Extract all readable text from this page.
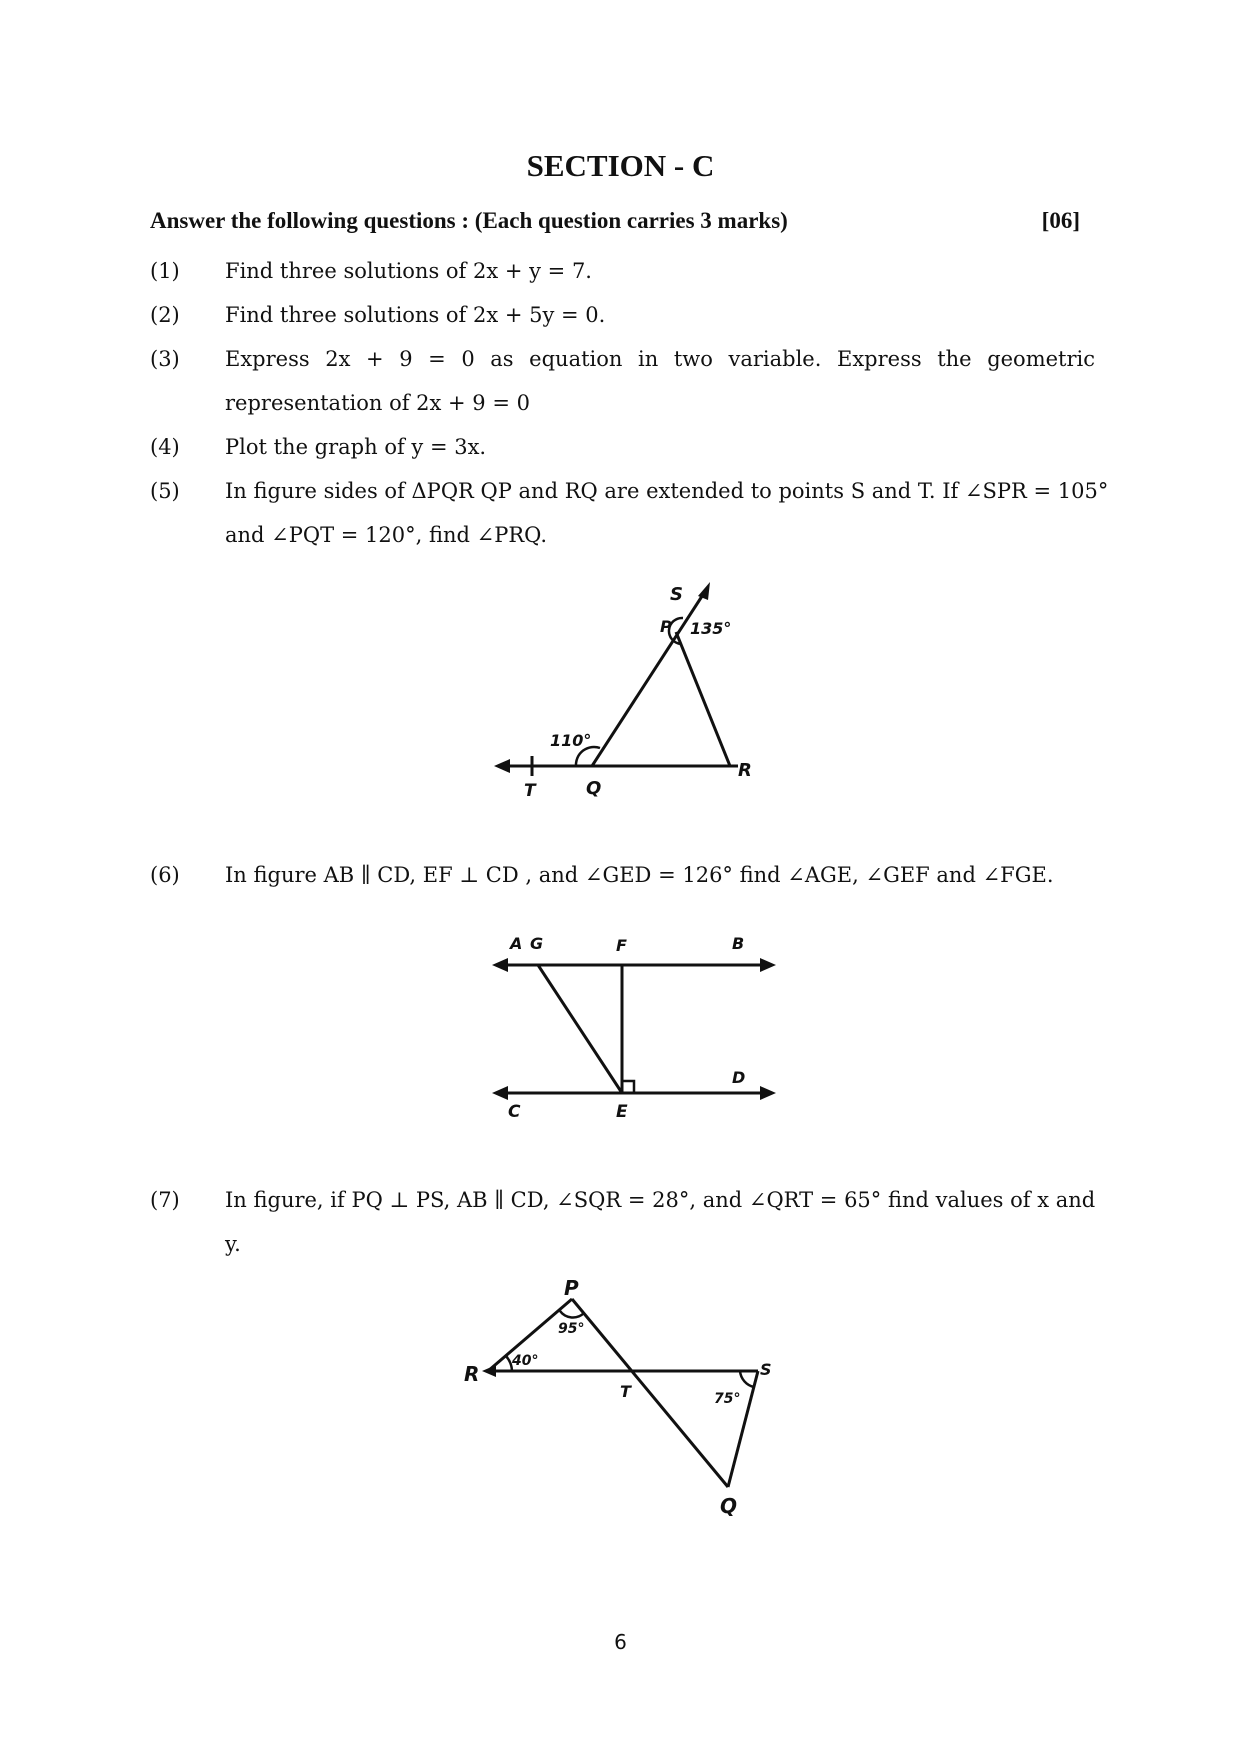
SECTION - C
Answer the following questions : (Each question carries 3 marks)	[06]
(1)	Find three solutions of 2x + y = 7.
(2)	Find three solutions of 2x + 5y = 0.
(3)	Express 2x + 9 = 0 as equation in two variable. Express the geometric
representation of 2x + 9 = 0
(4)	Plot the graph of y = 3x.
(5)	In figure sides of ΔPQR QP and RQ are extended to points S and T. If ∠SPR = 105°
and ∠PQT = 120°, find ∠PRQ.
S
P 135°
110°
T	Q
R
(6)	In figure AB ∥ CD, EF ⊥ CD , and ∠GED = 126° find ∠AGE, ∠GEF and ∠FGE.
A G	F	B
C	E
D
(7)	In figure, if PQ ⊥ PS, AB ∥ CD, ∠SQR = 28°, and ∠QRT = 65° find values of x and
y.
P
95°
R
40°
T
S
75°
Q
6
